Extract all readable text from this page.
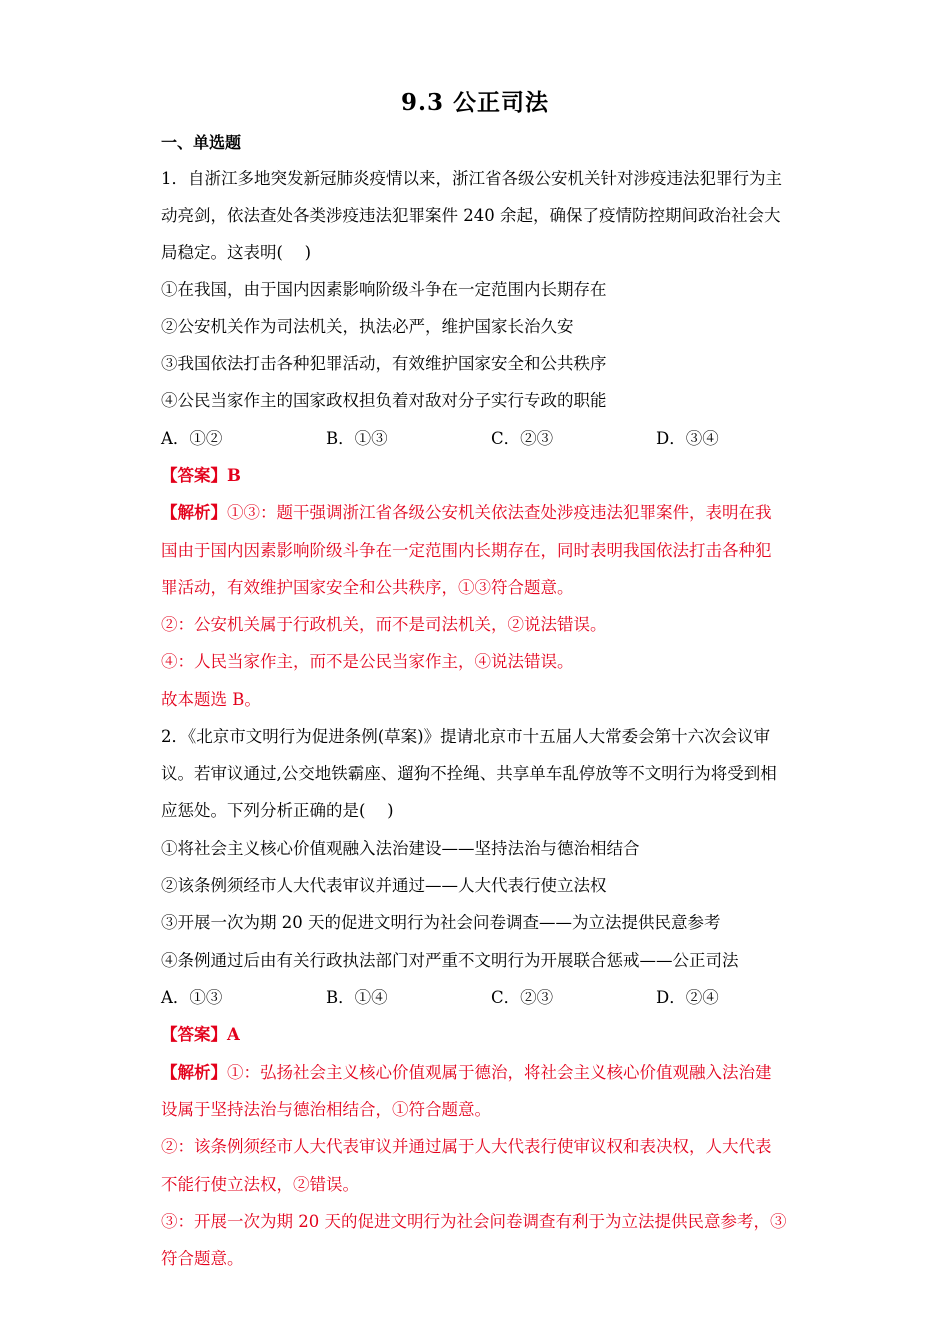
9.3 公正司法
一、单选题
1．自浙江多地突发新冠肺炎疫情以来，浙江省各级公安机关针对涉疫违法犯罪行为主
动亮剑，依法查处各类涉疫违法犯罪案件 240 余起，确保了疫情防控期间政治社会大
局稳定。这表明(　 )
①在我国，由于国内因素影响阶级斗争在一定范围内长期存在
②公安机关作为司法机关，执法必严，维护国家长治久安
③我国依法打击各种犯罪活动，有效维护国家安全和公共秩序
④公民当家作主的国家政权担负着对敌对分子实行专政的职能
A．①②	B．①③	C．②③	D．③④
【答案】B
【解析】①③：题干强调浙江省各级公安机关依法查处涉疫违法犯罪案件，表明在我
国由于国内因素影响阶级斗争在一定范围内长期存在，同时表明我国依法打击各种犯
罪活动，有效维护国家安全和公共秩序，①③符合题意。
②：公安机关属于行政机关，而不是司法机关，②说法错误。
④：人民当家作主，而不是公民当家作主，④说法错误。
故本题选 B。
2．《北京市文明行为促进条例(草案)》提请北京市十五届人大常委会第十六次会议审
议。若审议通过,公交地铁霸座、遛狗不拴绳、共享单车乱停放等不文明行为将受到相
应惩处。下列分析正确的是(　 )
①将社会主义核心价值观融入法治建设——坚持法治与德治相结合
②该条例须经市人大代表审议并通过——人大代表行使立法权
③开展一次为期 20 天的促进文明行为社会问卷调查——为立法提供民意参考
④条例通过后由有关行政执法部门对严重不文明行为开展联合惩戒——公正司法
A．①③	B．①④	C．②③	D．②④
【答案】A
【解析】①：弘扬社会主义核心价值观属于德治，将社会主义核心价值观融入法治建
设属于坚持法治与德治相结合，①符合题意。
②：该条例须经市人大代表审议并通过属于人大代表行使审议权和表决权，人大代表
不能行使立法权，②错误。
③：开展一次为期 20 天的促进文明行为社会问卷调查有利于为立法提供民意参考，③
符合题意。
